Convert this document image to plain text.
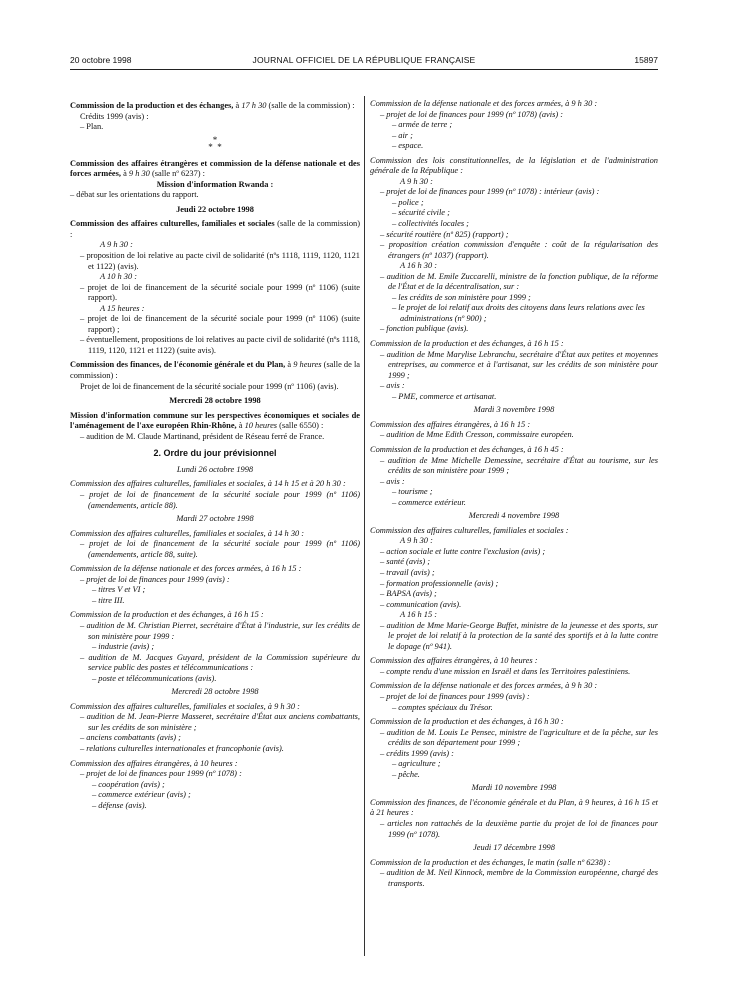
20 octobre 1998	JOURNAL OFFICIEL DE LA RÉPUBLIQUE FRANÇAISE	15897
Commission de la production et des échanges, à 17 h 30 (salle de la commission) :
Crédits 1999 (avis) :
– Plan.
*
*  *
Commission des affaires étrangères et commission de la défense nationale et des forces armées, à 9 h 30 (salle nº 6237) :
Mission d'information Rwanda :
– débat sur les orientations du rapport.
Jeudi 22 octobre 1998
Commission des affaires culturelles, familiales et sociales (salle de la commission) :
A 9 h 30 :
– proposition de loi relative au pacte civil de solidarité (nºs 1118, 1119, 1120, 1121 et 1122) (avis).
A 10 h 30 :
– projet de loi de financement de la sécurité sociale pour 1999 (nº 1106) (suite rapport).
A 15 heures :
– projet de loi de financement de la sécurité sociale pour 1999 (nº 1106) (suite rapport) ;
– éventuellement, propositions de loi relatives au pacte civil de solidarité (nºs 1118, 1119, 1120, 1121 et 1122) (suite avis).
Commission des finances, de l'économie générale et du Plan, à 9 heures (salle de la commission) :
Projet de loi de financement de la sécurité sociale pour 1999 (nº 1106) (avis).
Mercredi 28 octobre 1998
Mission d'information commune sur les perspectives économiques et sociales de l'aménagement de l'axe européen Rhin-Rhône, à 10 heures (salle 6550) :
– audition de M. Claude Martinand, président de Réseau ferré de France.
2. Ordre du jour prévisionnel
Lundi 26 octobre 1998
Commission des affaires culturelles, familiales et sociales, à 14 h 15 et à 20 h 30 :
– projet de loi de financement de la sécurité sociale pour 1999 (nº 1106) (amendements, article 88).
Mardi 27 octobre 1998
Commission des affaires culturelles, familiales et sociales, à 14 h 30 :
– projet de loi de financement de la sécurité sociale pour 1999 (nº 1106) (amendements, article 88, suite).
Commission de la défense nationale et des forces armées, à 16 h 15 :
– projet de loi de finances pour 1999 (avis) :
– titres V et VI ;
– titre III.
Commission de la production et des échanges, à 16 h 15 :
– audition de M. Christian Pierret, secrétaire d'État à l'industrie, sur les crédits de son ministère pour 1999 :
– industrie (avis) ;
– audition de M. Jacques Guyard, président de la Commission supérieure du service public des postes et télécommunications :
– poste et télécommunications (avis).
Mercredi 28 octobre 1998
Commission des affaires culturelles, familiales et sociales, à 9 h 30 :
– audition de M. Jean-Pierre Masseret, secrétaire d'État aux anciens combattants, sur les crédits de son ministère ;
– anciens combattants (avis) ;
– relations culturelles internationales et francophonie (avis).
Commission des affaires étrangères, à 10 heures :
– projet de loi de finances pour 1999 (nº 1078) :
– coopération (avis) ;
– commerce extérieur (avis) ;
– défense (avis).
Commission de la défense nationale et des forces armées, à 9 h 30 :
– projet de loi de finances pour 1999 (nº 1078) (avis) :
– armée de terre ;
– air ;
– espace.
Commission des lois constitutionnelles, de la législation et de l'administration générale de la République :
A 9 h 30 :
– projet de loi de finances pour 1999 (nº 1078) : intérieur (avis) :
– police ;
– sécurité civile ;
– collectivités locales ;
– sécurité routière (nº 825) (rapport) ;
– proposition création commission d'enquête : coût de la régularisation des étrangers (nº 1037) (rapport).
A 16 h 30 :
– audition de M. Emile Zuccarelli, ministre de la fonction publique, de la réforme de l'État et de la décentralisation, sur :
– les crédits de son ministère pour 1999 ;
– le projet de loi relatif aux droits des citoyens dans leurs relations avec les administrations (nº 900) ;
– fonction publique (avis).
Commission de la production et des échanges, à 16 h 15 :
– audition de Mme Marylise Lebranchu, secrétaire d'État aux petites et moyennes entreprises, au commerce et à l'artisanat, sur les crédits de son ministère pour 1999 ;
– avis :
– PME, commerce et artisanat.
Mardi 3 novembre 1998
Commission des affaires étrangères, à 16 h 15 :
– audition de Mme Edith Cresson, commissaire européen.
Commission de la production et des échanges, à 16 h 45 :
– audition de Mme Michelle Demessine, secrétaire d'État au tourisme, sur les crédits de son ministère pour 1999 ;
– avis :
– tourisme ;
– commerce extérieur.
Mercredi 4 novembre 1998
Commission des affaires culturelles, familiales et sociales :
A 9 h 30 :
– action sociale et lutte contre l'exclusion (avis) ;
– santé (avis) ;
– travail (avis) ;
– formation professionnelle (avis) ;
– BAPSA (avis) ;
– communication (avis).
A 16 h 15 :
– audition de Mme Marie-George Buffet, ministre de la jeunesse et des sports, sur le projet de loi relatif à la protection de la santé des sportifs et à la lutte contre le dopage (nº 941).
Commission des affaires étrangères, à 10 heures :
– compte rendu d'une mission en Israël et dans les Territoires palestiniens.
Commission de la défense nationale et des forces armées, à 9 h 30 :
– projet de loi de finances pour 1999 (avis) :
– comptes spéciaux du Trésor.
Commission de la production et des échanges, à 16 h 30 :
– audition de M. Louis Le Pensec, ministre de l'agriculture et de la pêche, sur les crédits de son département pour 1999 ;
– crédits 1999 (avis) :
– agriculture ;
– pêche.
Mardi 10 novembre 1998
Commission des finances, de l'économie générale et du Plan, à 9 heures, à 16 h 15 et à 21 heures :
– articles non rattachés de la deuxième partie du projet de loi de finances pour 1999 (nº 1078).
Jeudi 17 décembre 1998
Commission de la production et des échanges, le matin (salle nº 6238) :
– audition de M. Neil Kinnock, membre de la Commission européenne, chargé des transports.
